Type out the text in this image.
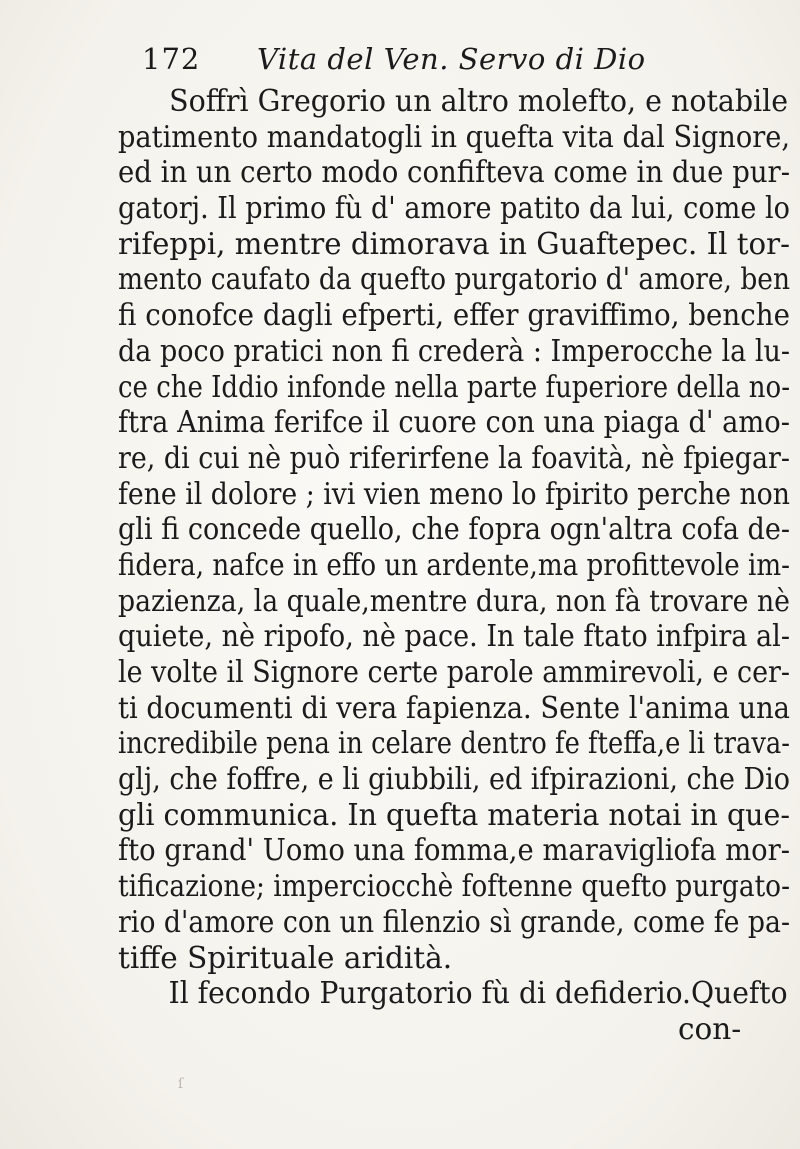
172 Vita del Ven. Servo di Dio
Soffrì Gregorio un altro molefto, e notabile
patimento mandatogli in quefta vita dal Signore,
ed in un certo modo confifteva come in due pur-
gatorj. Il primo fù d' amore patito da lui, come lo
rifeppi, mentre dimorava in Guaftepec. Il tor-
mento caufato da quefto purgatorio d' amore, ben
fi conofce dagli efperti, effer graviffimo, benche
da poco pratici non fi crederà : Imperocche la lu-
ce che Iddio infonde nella parte fuperiore della no-
ftra Anima ferifce il cuore con una piaga d' amo-
re, di cui nè può riferirfene la foavità, nè fpiegar-
fene il dolore ; ivi vien meno lo fpirito perche non
gli fi concede quello, che fopra ogn'altra cofa de-
fidera, nafce in effo un ardente,ma profittevole im-
pazienza, la quale,mentre dura, non fà trovare nè
quiete, nè ripofo, nè pace. In tale ftato infpira al-
le volte il Signore certe parole ammirevoli, e cer-
ti documenti di vera fapienza. Sente l'anima una
incredibile pena in celare dentro fe fteffa,e li trava-
glj, che foffre, e li giubbili, ed ifpirazioni, che Dio
gli communica. In quefta materia notai in que-
fto grand' Uomo una fomma,e maravigliofa mor-
tificazione; imperciocchè foftenne quefto purgato-
rio d'amore con un filenzio sì grande, come fe pa-
tiffe Spirituale aridità.
Il fecondo Purgatorio fù di defiderio.Quefto
con-
ſ
